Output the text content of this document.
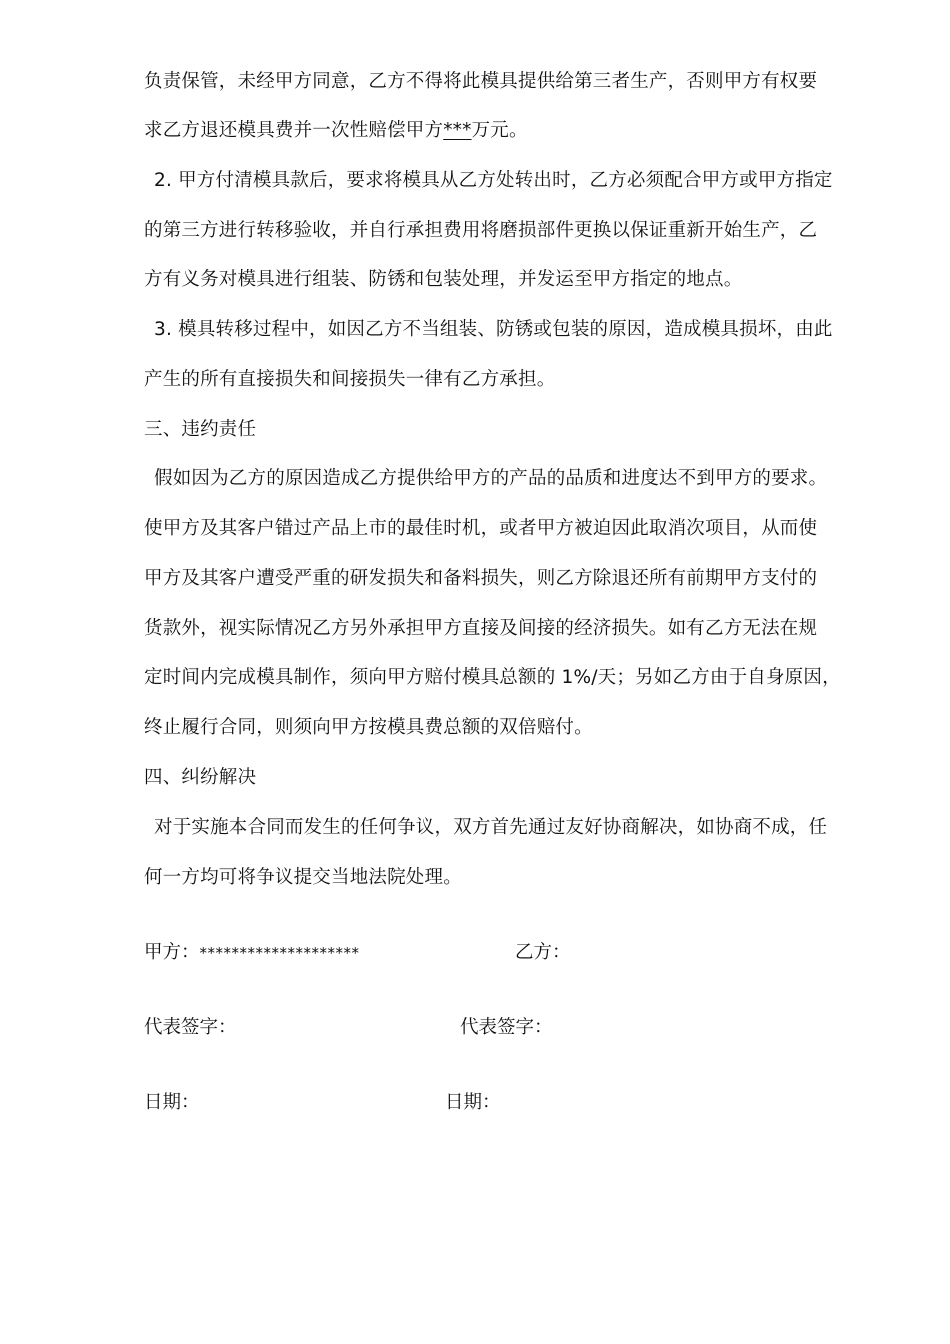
负责保管，未经甲方同意，乙方不得将此模具提供给第三者生产，否则甲方有权要
求乙方退还模具费并一次性赔偿甲方***万元。
2. 甲方付清模具款后，要求将模具从乙方处转出时，乙方必须配合甲方或甲方指定
的第三方进行转移验收，并自行承担费用将磨损部件更换以保证重新开始生产，乙
方有义务对模具进行组装、防锈和包装处理，并发运至甲方指定的地点。
3. 模具转移过程中，如因乙方不当组装、防锈或包装的原因，造成模具损坏，由此
产生的所有直接损失和间接损失一律有乙方承担。
三、违约责任
假如因为乙方的原因造成乙方提供给甲方的产品的品质和进度达不到甲方的要求。
使甲方及其客户错过产品上市的最佳时机，或者甲方被迫因此取消次项目，从而使
甲方及其客户遭受严重的研发损失和备料损失，则乙方除退还所有前期甲方支付的
货款外，视实际情况乙方另外承担甲方直接及间接的经济损失。如有乙方无法在规
定时间内完成模具制作，须向甲方赔付模具总额的 1%/天；另如乙方由于自身原因，
终止履行合同，则须向甲方按模具费总额的双倍赔付。
四、纠纷解决
对于实施本合同而发生的任何争议，双方首先通过友好协商解决，如协商不成，任
何一方均可将争议提交当地法院处理。
甲方：********************	乙方：
代表签字：	代表签字：
日期：	日期：
